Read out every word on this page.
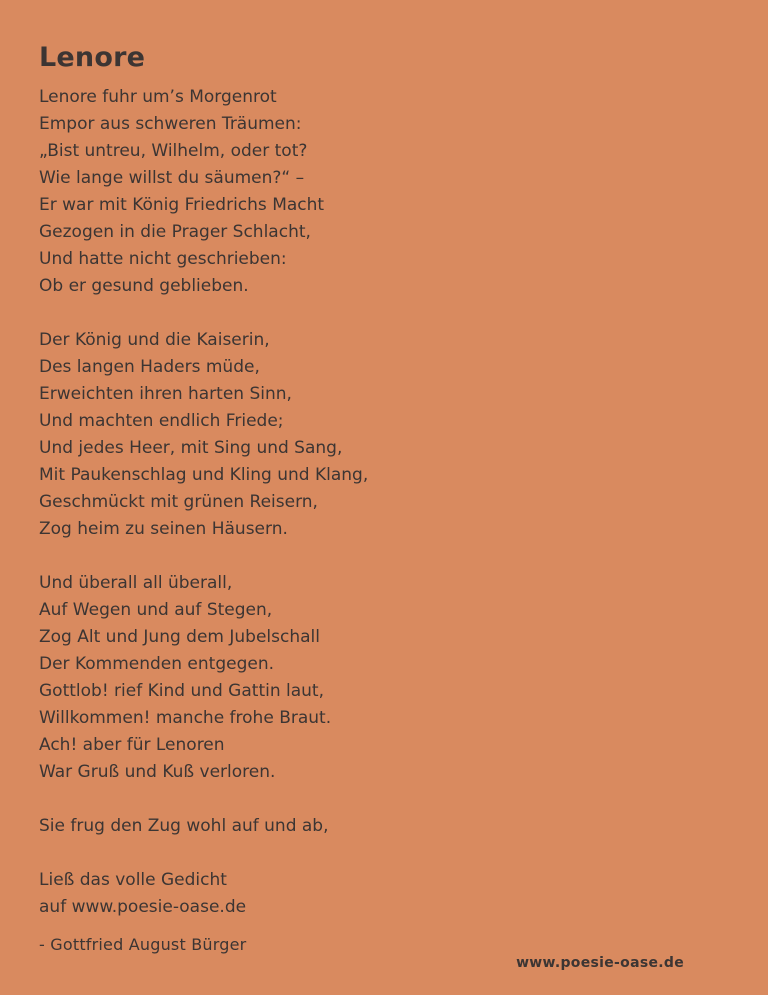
Lenore
Lenore fuhr um’s Morgenrot
Empor aus schweren Träumen:
„Bist untreu, Wilhelm, oder tot?
Wie lange willst du säumen?“ –
Er war mit König Friedrichs Macht
Gezogen in die Prager Schlacht,
Und hatte nicht geschrieben:
Ob er gesund geblieben.
Der König und die Kaiserin,
Des langen Haders müde,
Erweichten ihren harten Sinn,
Und machten endlich Friede;
Und jedes Heer, mit Sing und Sang,
Mit Paukenschlag und Kling und Klang,
Geschmückt mit grünen Reisern,
Zog heim zu seinen Häusern.
Und überall all überall,
Auf Wegen und auf Stegen,
Zog Alt und Jung dem Jubelschall
Der Kommenden entgegen.
Gottlob! rief Kind und Gattin laut,
Willkommen! manche frohe Braut.
Ach! aber für Lenoren
War Gruß und Kuß verloren.
Sie frug den Zug wohl auf und ab,
Ließ das volle Gedicht
auf www.poesie-oase.de
- Gottfried August Bürger
www.poesie-oase.de
